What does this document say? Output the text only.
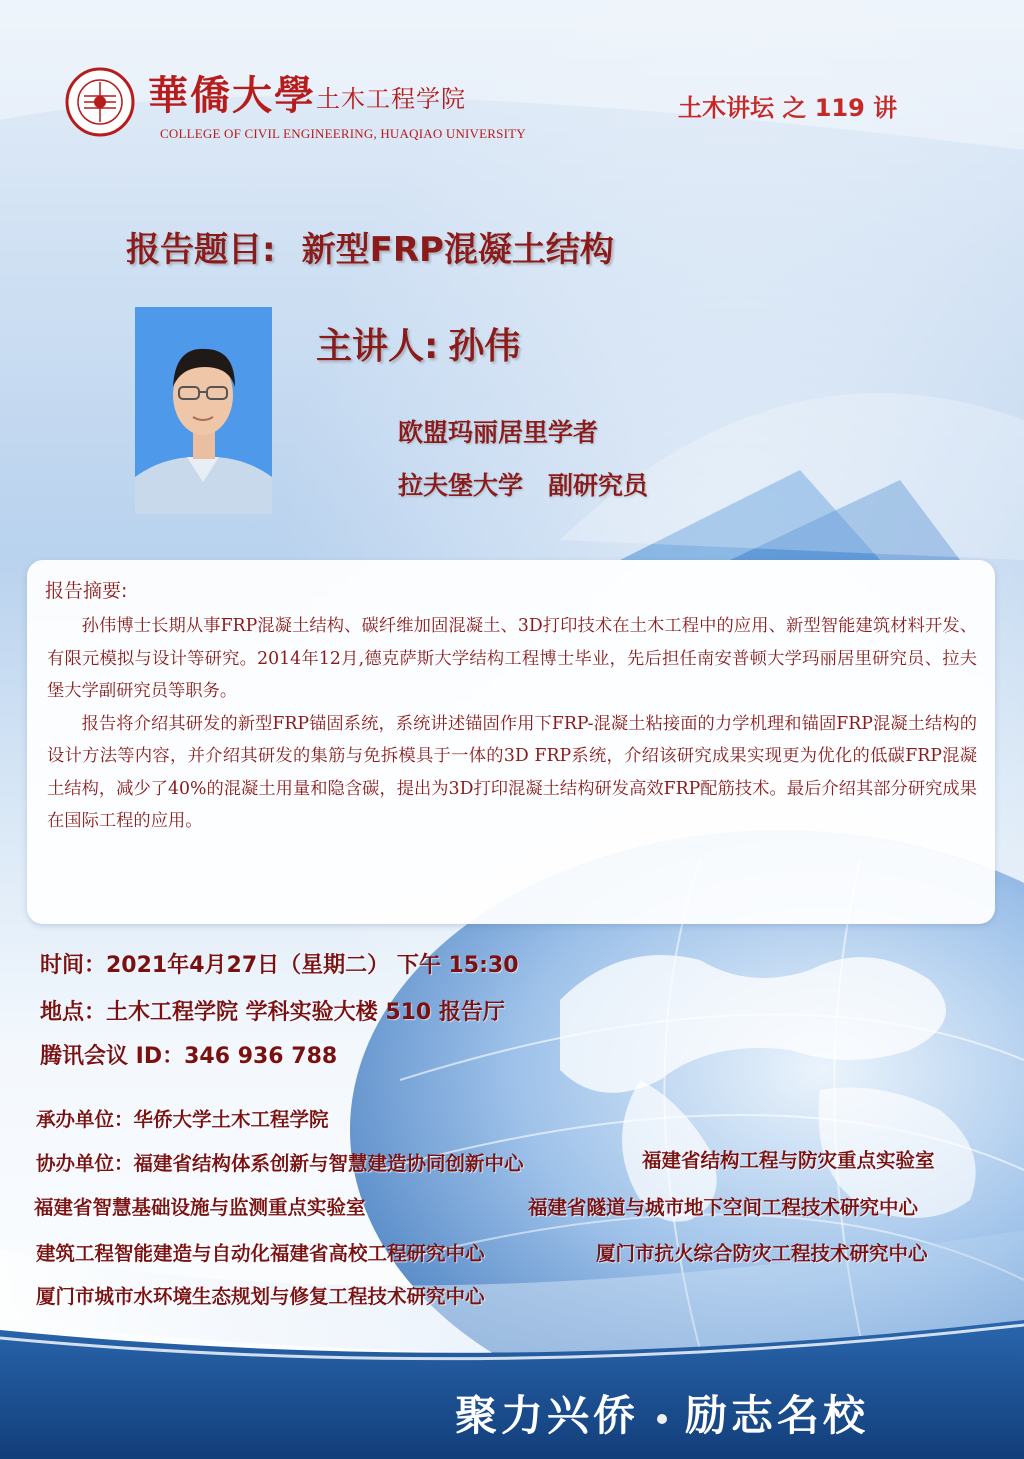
華僑大學 土木工程学院
COLLEGE OF CIVIL ENGINEERING, HUAQIAO UNIVERSITY
土木讲坛 之 119 讲
报告题目: 新型FRP混凝土结构
主讲人: 孙伟
欧盟玛丽居里学者
拉夫堡大学　副研究员
报告摘要:

孙伟博士长期从事FRP混凝土结构、碳纤维加固混凝土、3D打印技术在土木工程中的应用、新型智能建筑材料开发、有限元模拟与设计等研究。2014年12月,德克萨斯大学结构工程博士毕业，先后担任南安普顿大学玛丽居里研究员、拉夫堡大学副研究员等职务。

报告将介绍其研发的新型FRP锚固系统，系统讲述锚固作用下FRP-混凝土粘接面的力学机理和锚固FRP混凝土结构的设计方法等内容，并介绍其研发的集筋与免拆模具于一体的3D FRP系统，介绍该研究成果实现更为优化的低碳FRP混凝土结构，减少了40%的混凝土用量和隐含碳，提出为3D打印混凝土结构研发高效FRP配筋技术。最后介绍其部分研究成果在国际工程的应用。

时间：2021年4月27日（星期二） 下午 15:30
地点：土木工程学院 学科实验大楼 510 报告厅
腾讯会议 ID：346 936 788
承办单位：华侨大学土木工程学院
协办单位：福建省结构体系创新与智慧建造协同创新中心	福建省结构工程与防灾重点实验室
福建省智慧基础设施与监测重点实验室	福建省隧道与城市地下空间工程技术研究中心
建筑工程智能建造与自动化福建省高校工程研究中心	厦门市抗火综合防灾工程技术研究中心
厦门市城市水环境生态规划与修复工程技术研究中心
聚力兴侨 励志名校
